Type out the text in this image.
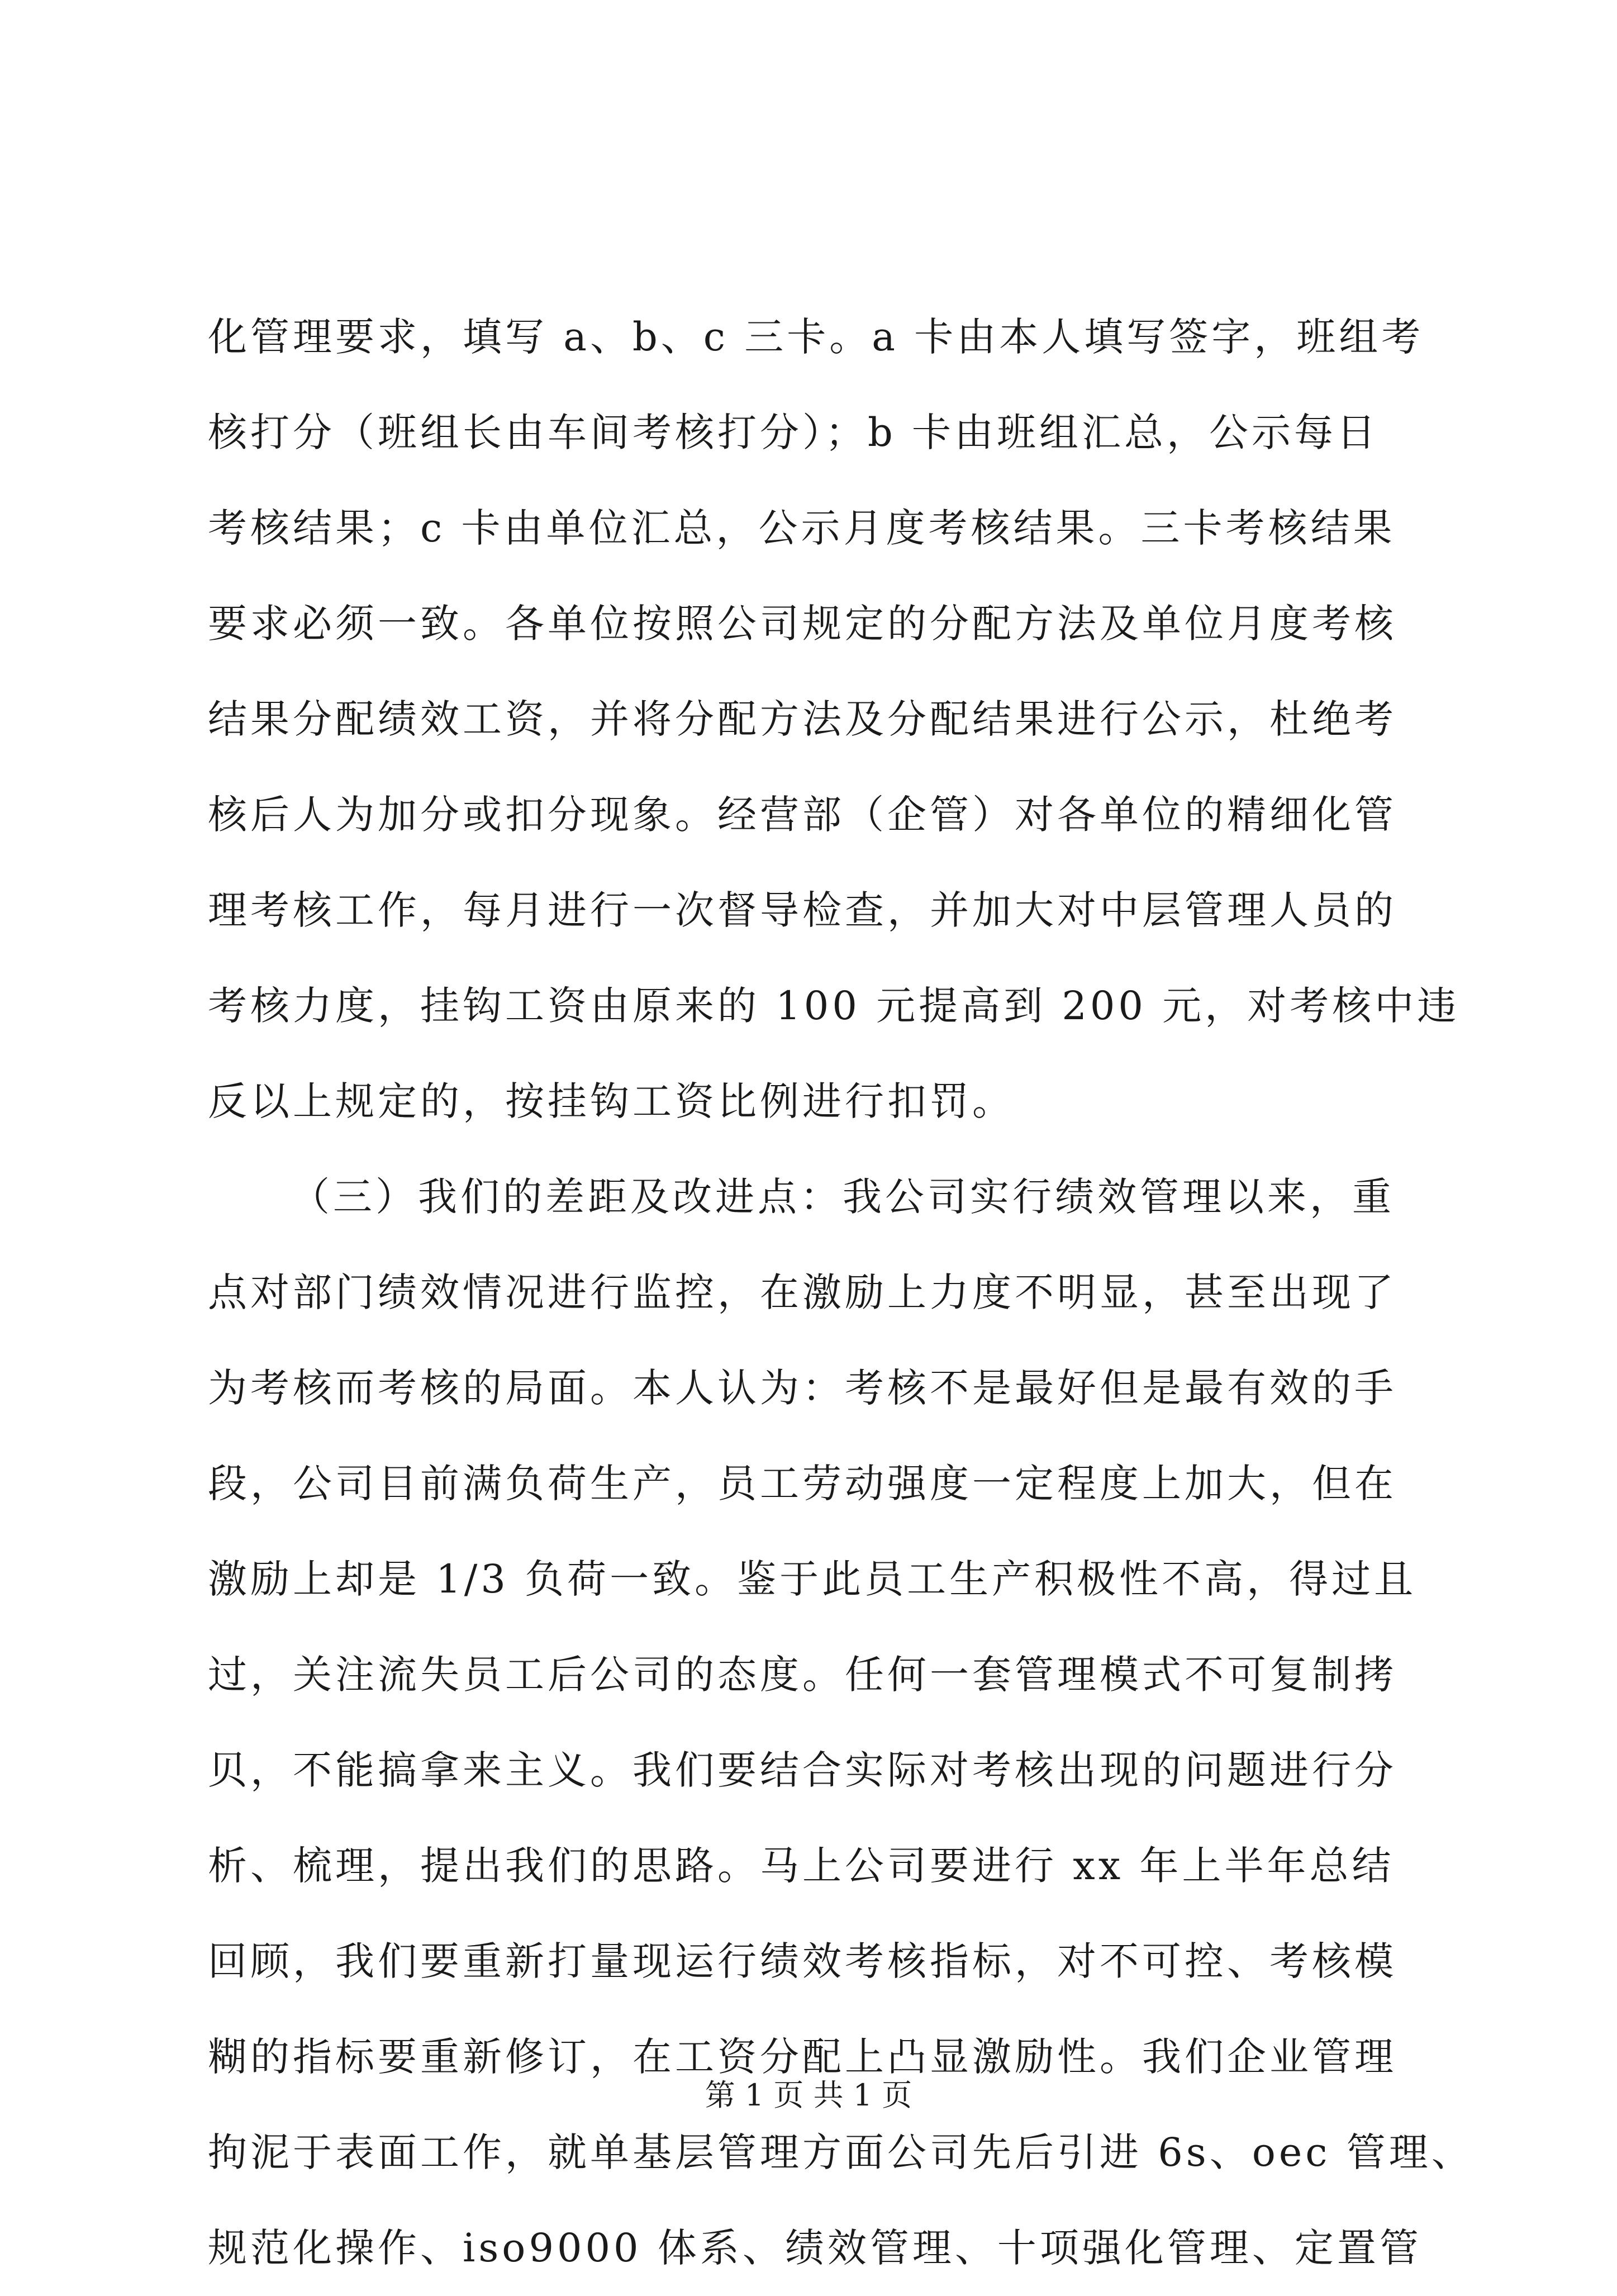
化管理要求，填写 a、b、c 三卡。a 卡由本人填写签字，班组考
核打分（班组长由车间考核打分）；b 卡由班组汇总，公示每日
考核结果；c 卡由单位汇总，公示月度考核结果。三卡考核结果
要求必须一致。各单位按照公司规定的分配方法及单位月度考核
结果分配绩效工资，并将分配方法及分配结果进行公示，杜绝考
核后人为加分或扣分现象。经营部（企管）对各单位的精细化管
理考核工作，每月进行一次督导检查，并加大对中层管理人员的
考核力度，挂钩工资由原来的 100 元提高到 200 元，对考核中违
反以上规定的，按挂钩工资比例进行扣罚。
（三）我们的差距及改进点：我公司实行绩效管理以来，重
点对部门绩效情况进行监控，在激励上力度不明显，甚至出现了
为考核而考核的局面。本人认为：考核不是最好但是最有效的手
段，公司目前满负荷生产，员工劳动强度一定程度上加大，但在
激励上却是 1/3 负荷一致。鉴于此员工生产积极性不高，得过且
过，关注流失员工后公司的态度。任何一套管理模式不可复制拷
贝，不能搞拿来主义。我们要结合实际对考核出现的问题进行分
析、梳理，提出我们的思路。马上公司要进行 xx 年上半年总结
回顾，我们要重新打量现运行绩效考核指标，对不可控、考核模
糊的指标要重新修订，在工资分配上凸显激励性。我们企业管理
拘泥于表面工作，就单基层管理方面公司先后引进 6s、oec 管理、
规范化操作、iso9000 体系、绩效管理、十项强化管理、定置管
第 1 页 共 1 页
